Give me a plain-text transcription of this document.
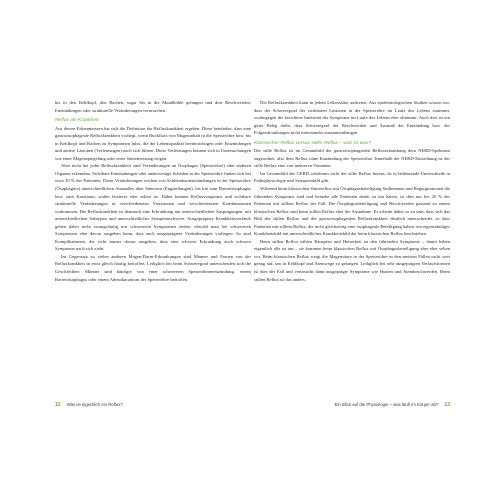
bis in den Kehlkopf, den Rachen, sogar bis in die Mundhöhle gelangen und dort Beschwerden, Entzündungen oder strukturelle Veränderungen verursachen.

Reflux als Krankheit

Aus diesen Erkenntnissen hat sich die Definition der Refluxkrankheit ergeben. Diese beinhaltet, dass eine gastroösophageale Refluxkrankheit vorliegt, wenn Rückfluss von Mageninhalt in die Speiseröhre bzw. bis in Kehlkopf und Rachen zu Symptomen führt, die die Lebensqualität beeinträchtigen oder Entzündungen und andere Läsionen (Verletzungen) nach sich führen. Diese Verletzungen können sich in Untersuchungen wie einer Magenspiegelung oder einer Säuremessung zeigen.

Aber nicht bei jeder Refluxkrankheit sind Veränderungen an Ösophagus (Speiseröhre) oder anderen Organen erkennbar. Sichtbare Entzündungen oder anderweitige Schäden in der Speiseröhre finden sich bei etwa 30 % der Patienten. Diese Veränderungen reichen von Schleimhautentzündungen in der Speiseröhre (Ösophagitis) unterschiedlichen Ausmaßes über Stenosen (Engstellungen), bis hin zum Barrettösophagus bzw. zum Karzinom, wobei letzteres eher selten ist. Dabei können Refluxsymptome und sichtbare strukturelle Veränderungen in verschiedensten Variationen und verschiedensten Kombinationen vorkommen. Die Refluxkrankheit ist demnach eine Erkrankung mit unterschiedlichen Ausprägungen, mit unterschiedlichen Subtypen und unterschiedlicher Symptomschwere. Ausgeprägtere Krankheitsverläufe gehen dabei nicht zwangsläufig mit schwereren Symptomen einher, obwohl man bei schwereren Symptomen eher davon ausgehen kann, dass auch ausgeprägtere Veränderungen vorliegen. So sind Komplikationen, die sicht immer davon ausgehen, dass eine schwere Erkrankung auch schwere Symptome nach sich zieht.

Im Gegensatz zu vielen anderen Magen-Darm-Erkrankungen sind Männer und Frauen von der Refluxkrankheit in etwa gleich häufig betroffen. Lediglich bei beim Schweregrad unterscheiden sich die Geschlechter: Männer sind häufiger von einer schwereren Speiseröhrenentzündung, einem Barrettösophagus oder einem Adenokarzinom der Speiseröhre betroffen.

Die Refluxkrankheit kann in jedem Lebensalter auftreten. Aus epidemiologischen Studien wissen wir, dass der Schweregrad der sichtbaren Läsionen in der Speiseröhre im Laufe des Lebens zunimmt, wohingegen die berichtete Intensität der Symptome im Laufe des Lebens eher abnimmt. Auch dies ist ein guter Beleg dafür, dass Schweregrad der Beschwerden und Ausmaß der Entzündung bzw. der Folgeerkrankungen nicht miteinander zusammenhängen.

Klassischer Reflux versus stiller Reflux – was ist was?

Der stille Reflux ist im Gesamtbild der gastroösophagealen Refluxerkrankung dem NERD-Spektrum zugeordnet, also dem Reflux ohne Entzündung der Speiseröhre. Innerhalb der NERD-Einordnung ist der stille Reflux eine von mehreren Varianten.

Im Gesamtbild der GERD wiederum nicht der stille Reflux heraus, da es bedeutende Unterschiede in Pathophysiologie und Symptombild gibt.

Während beim klassischen Säurereflux mit Ösophagusbeteiligung Sodbrennen und Regurgitationen die führenden Symptome sind und beinahe alle Patienten damit zu tun haben, ist dies nur bei 20 % der Patienten mit stillem Reflux der Fall. Die Ösophagusbeteiligung und Beschwerden passend zu einem klassischen Reflux sind beim stillen Reflux eher die Ausnahme. Es scheint daher so zu sein, dass sich das Bild des stillen Reflux und der gastroösophagealen Refluxkrankheit deutlich unterscheidet, so dass Patienten mit stillem Reflux, die nicht gleichzeitig eine ösophageale Beteiligung haben, ein eigenständiges Krankheitsbild mit unterschiedlicher Krankheitsbild der beim klassischen Reflux beschrieben.

Beim stillen Reflux zählen Räuspern und Heiserkeit zu den führenden Symptome – damit haben eigentlich alle zu tun – sie kommen beim klassischen Reflux mit Ösophagusbeteiligung aber eher selten vor. Beim klassischen Reflux steigt die Magensäure in der Speiseröhre in den meisten Fällen nicht weit genug auf, um in Kehlkopf und Atemwege zu gelangen. Lediglich bei sehr ausgeprägten Verlaufsformen ist dies der Fall und verursacht dann ausgeprägte Symptome wie Husten und Atembeschwerden. Beim stillen Reflux ist das anders.

12 Was ist eigentlich ein Reflux?	Ein Blick auf die Physiologie – was läuft im Körper ab? 13
